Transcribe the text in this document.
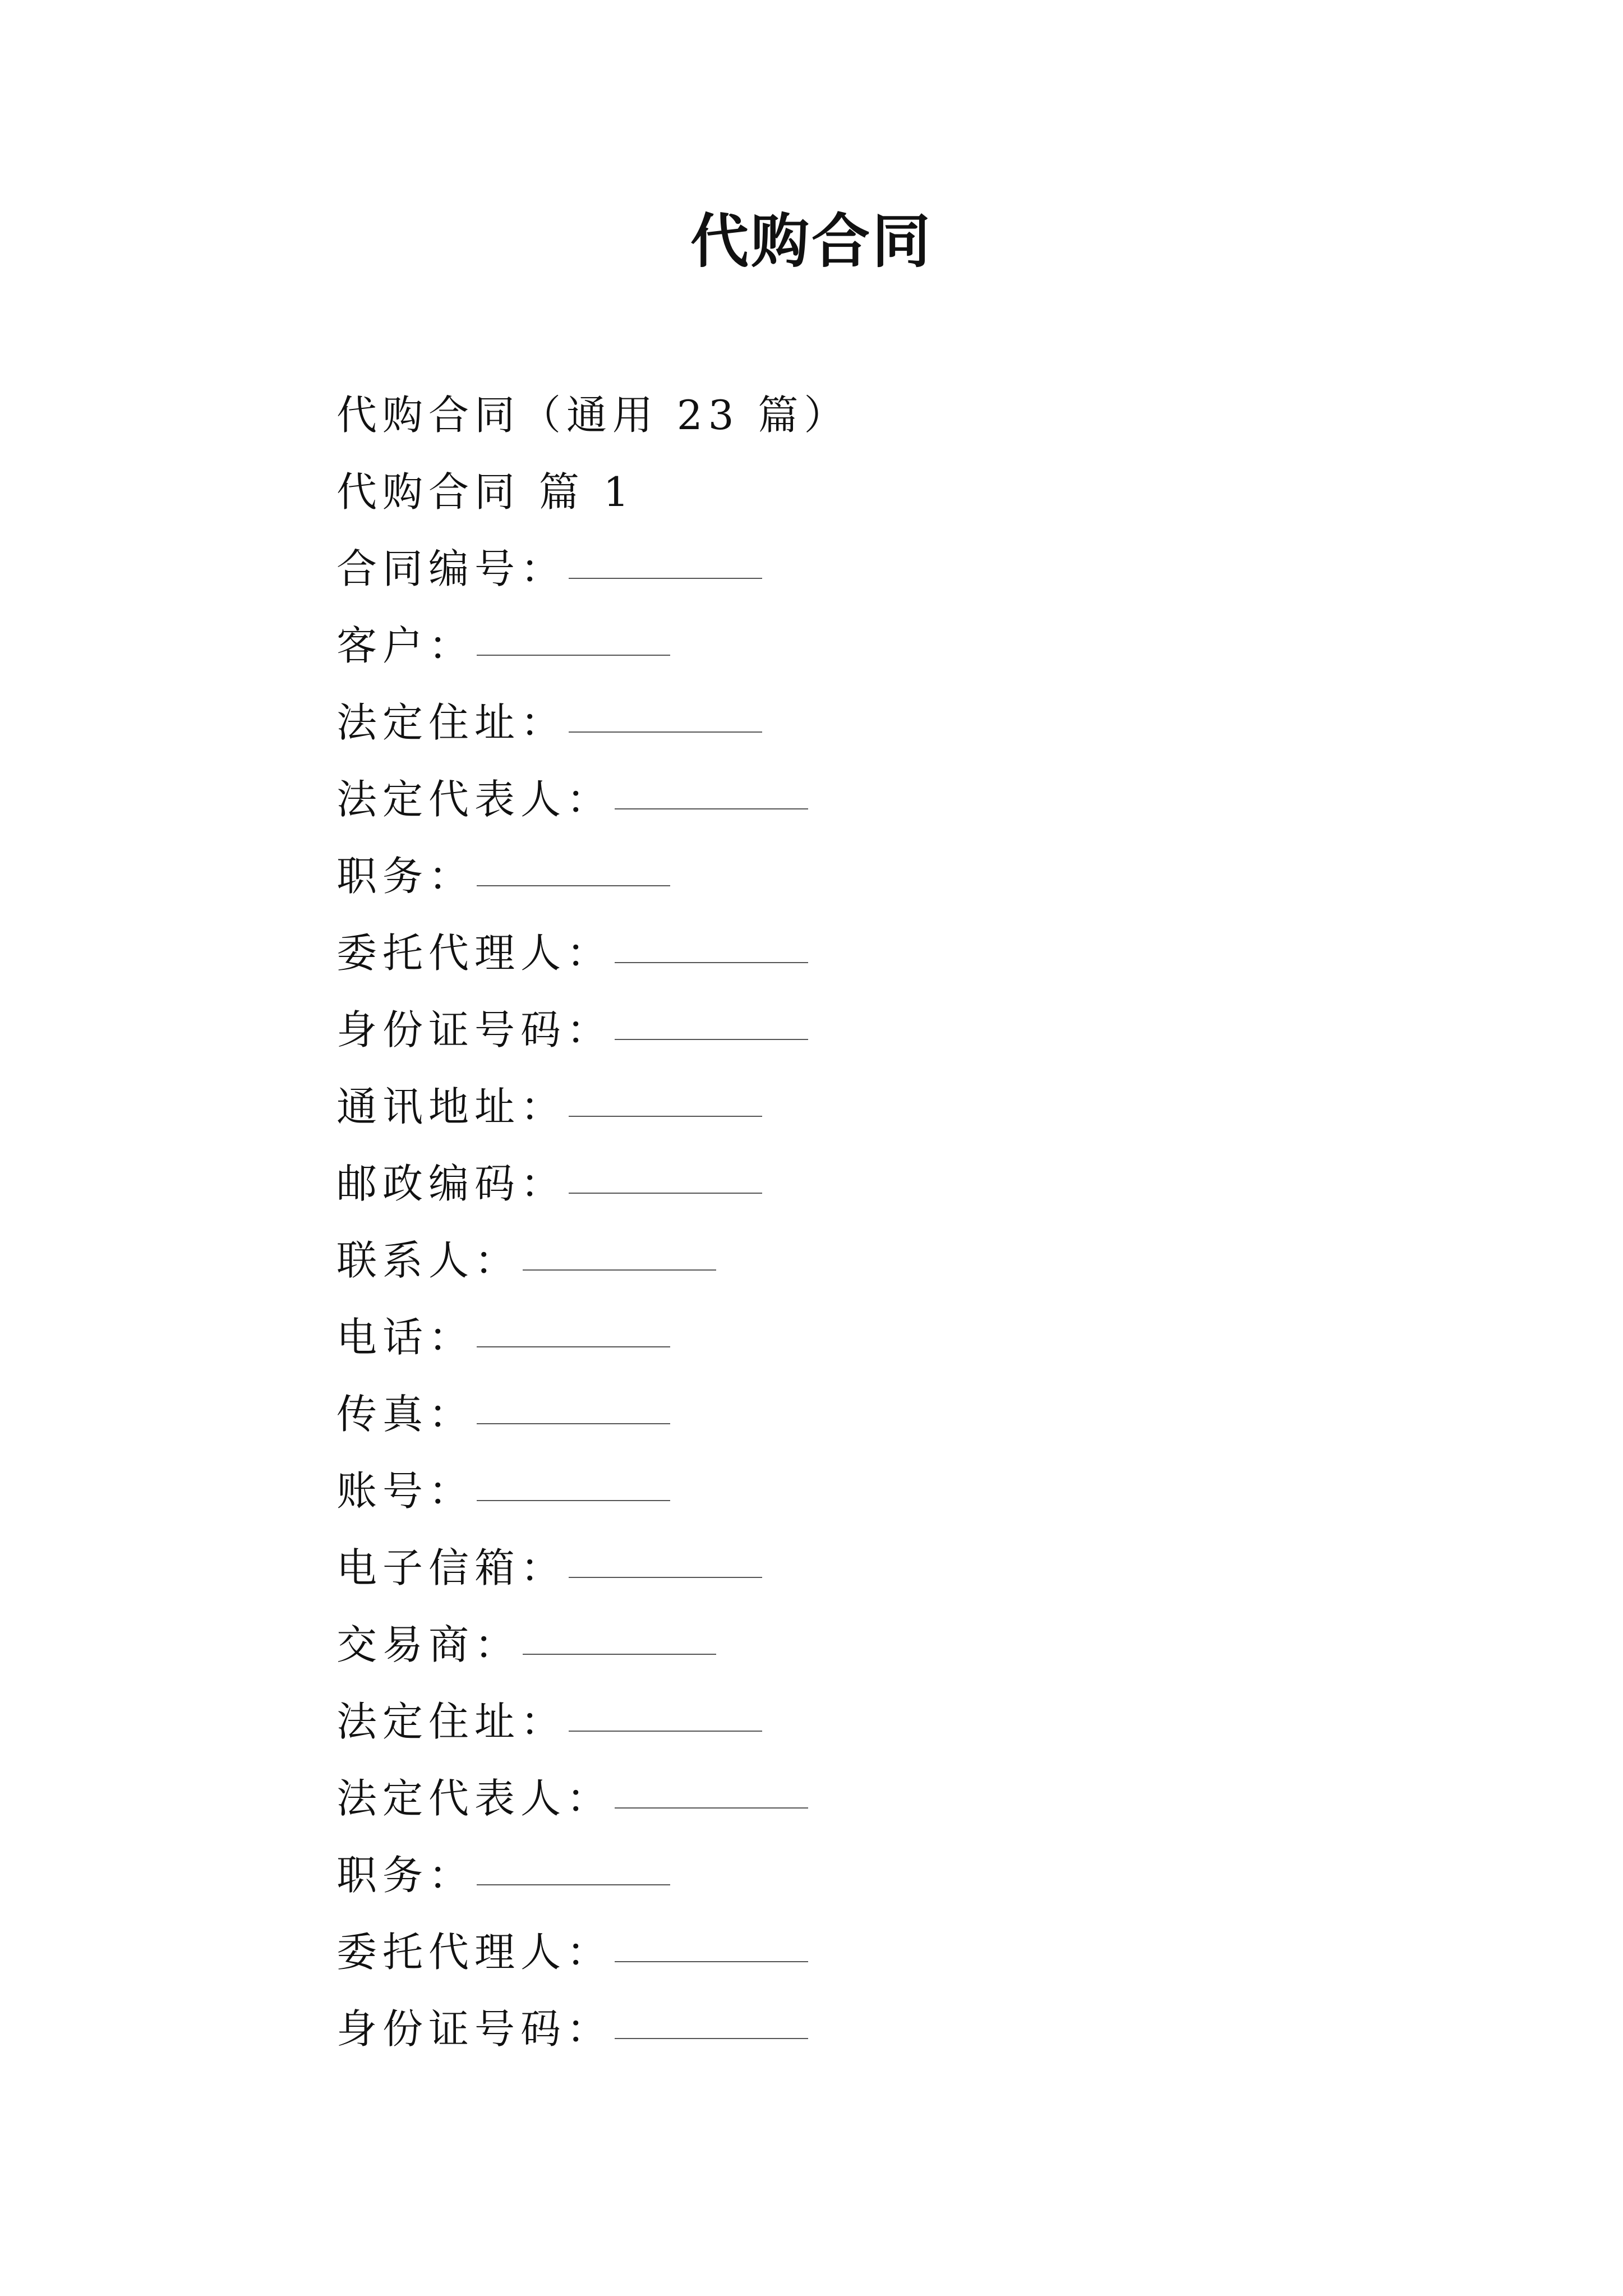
代购合同
代购合同（通用 23 篇）
代购合同 篇 1
合同编号：
客户：
法定住址：
法定代表人：
职务：
委托代理人：
身份证号码：
通讯地址：
邮政编码：
联系人：
电话：
传真：
账号：
电子信箱：
交易商：
法定住址：
法定代表人：
职务：
委托代理人：
身份证号码：
